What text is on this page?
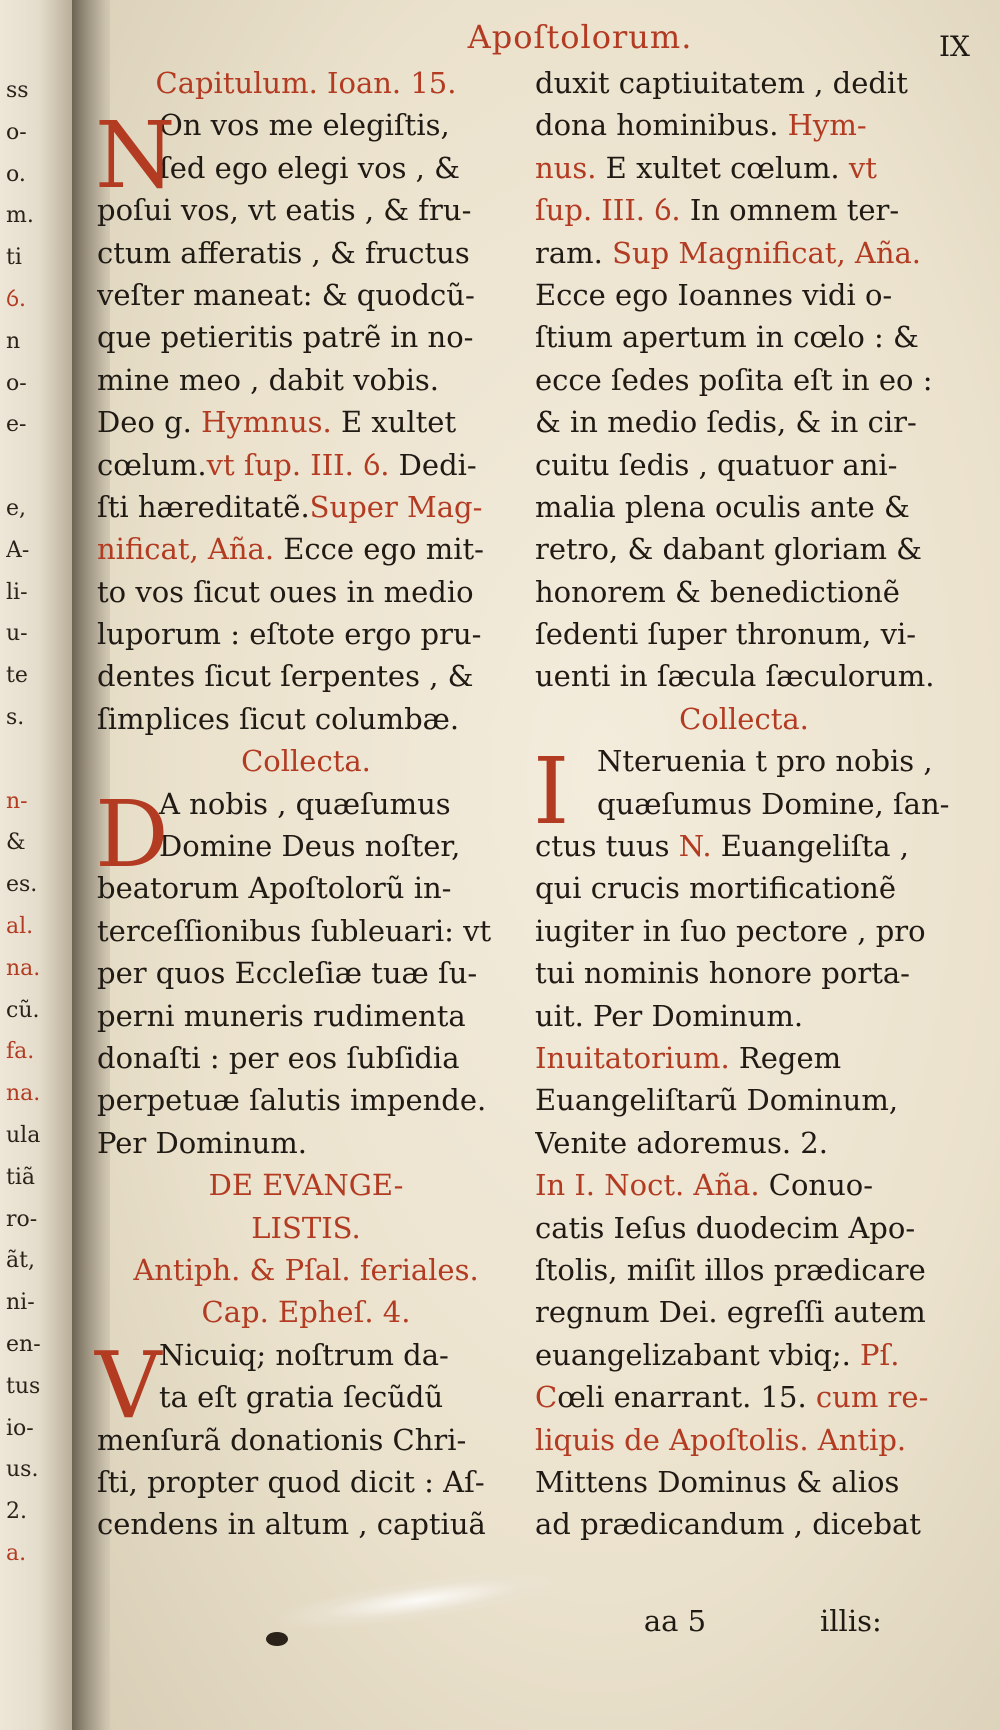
ss
o-
o.
m.
ti
ỽ.
n
o-
e-
e,
A-
li-
u-
te
s.
n-
&
es.
al.
na.
cũ.
fa.
na.
ula
tiã
ro-
ãt,
ni-
en-
tus
io-
us.
2.
a.
Apoſtolorum.	IX
Capitulum. Ioan. 15.
N
On vos me elegiſtis,
ſed ego elegi vos , &
poſui vos, vt eatis , & fru-
ctum afferatis , & fructus
veſter maneat: & quodcũ-
que petieritis patrẽ in no-
mine meo , dabit vobis.
Deo g. Hymnus. E xultet
cœlum.vt ſup. III. ỽ. Dedi-
ſti hæreditatẽ.Super Mag-
nificat, Aña. Ecce ego mit-
to vos ſicut oues in medio
luporum : eſtote ergo pru-
dentes ſicut ſerpentes , &
ſimplices ſicut columbæ.
Collecta.
D
A nobis , quæſumus
Domine Deus noſter,
beatorum Apoſtolorũ in-
terceſſionibus ſubleuari: vt
per quos Eccleſiæ tuæ ſu-
perni muneris rudimenta
donaſti : per eos ſubſidia
perpetuæ ſalutis impende.
Per Dominum.
DE EVANGE-
LISTIS.
Antiph. & Pſal. feriales.
Cap. Epheſ. 4.
V
Nicuiq; noſtrum da-
ta eſt gratia ſecũdũ
menſurã donationis Chri-
ſti, propter quod dicit : Aſ-
cendens in altum , captiuã
duxit captiuitatem , dedit
dona hominibus. Hym-
nus. E xultet cœlum. vt
ſup. III. ỽ. In omnem ter-
ram. Sup Magnificat, Aña.
Ecce ego Ioannes vidi o-
ſtium apertum in cœlo : &
ecce ſedes poſita eſt in eo :
& in medio ſedis, & in cir-
cuitu ſedis , quatuor ani-
malia plena oculis ante &
retro, & dabant gloriam &
honorem & benedictionẽ
ſedenti ſuper thronum, vi-
uenti in ſæcula ſæculorum.
Collecta.
I Nteruenia t pro nobis ,
quæſumus Domine, ſan-
ctus tuus N. Euangeliſta ,
qui crucis mortificationẽ
iugiter in ſuo pectore , pro
tui nominis honore porta-
uit. Per Dominum.
Inuitatorium. Regem
Euangeliſtarũ Dominum,
Venite adoremus. 2.
In I. Noct. Aña. Conuo-
catis Ieſus duodecim Apo-
ſtolis, miſit illos prædicare
regnum Dei. egreſſi autem
euangelizabant vbiq;. Pſ.
Cœli enarrant. 15. cum re-
liquis de Apoſtolis. Antip.
Mittens Dominus & alios
ad prædicandum , dicebat
aa 5	illis:
